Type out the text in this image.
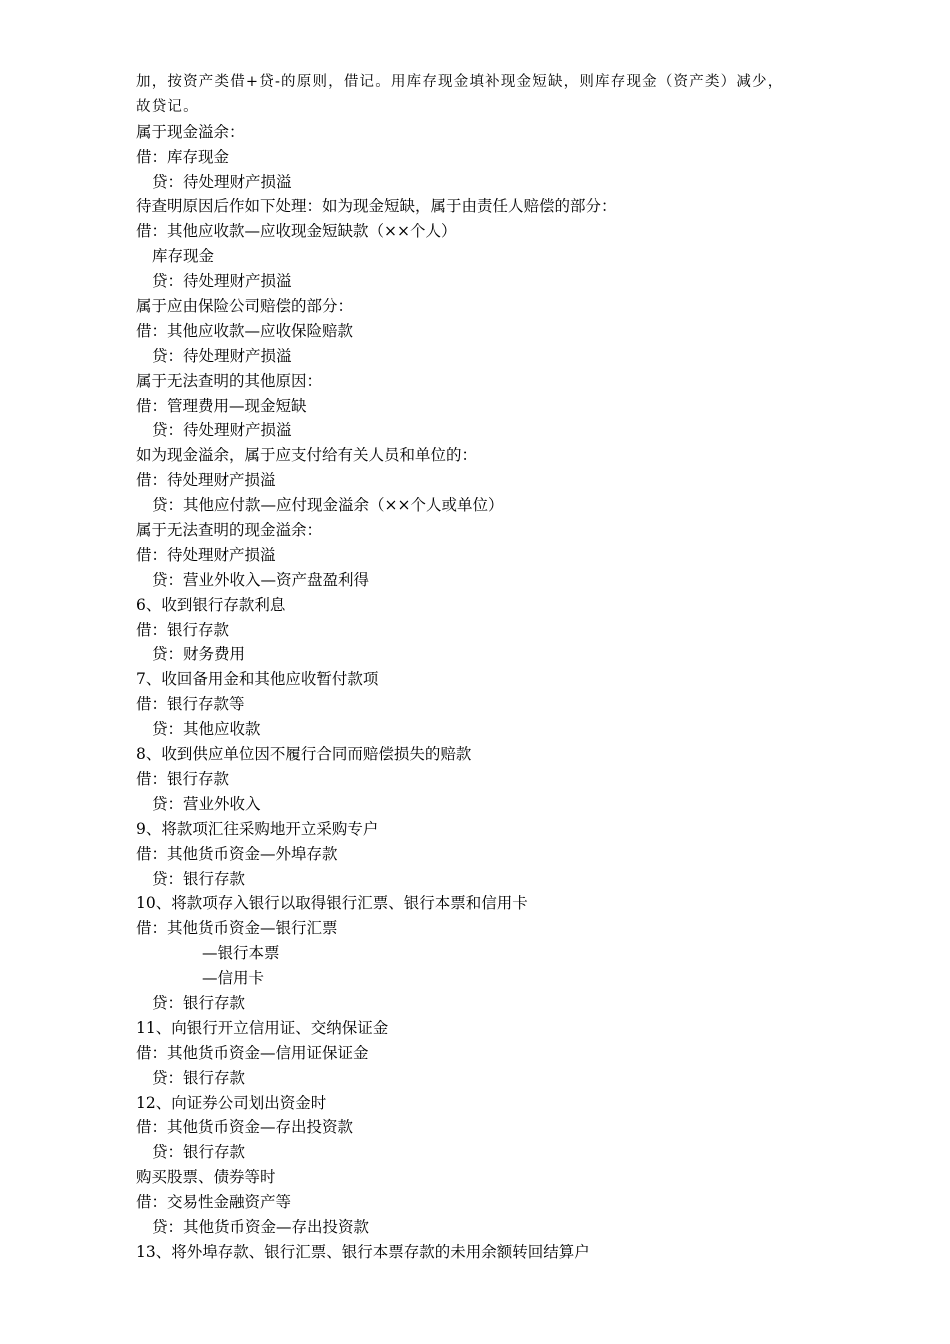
加，按资产类借+贷-的原则，借记。用库存现金填补现金短缺，则库存现金（资产类）减少，
故贷记。
属于现金溢余：
借：库存现金
贷：待处理财产损溢
待查明原因后作如下处理：如为现金短缺，属于由责任人赔偿的部分：
借：其他应收款—应收现金短缺款（××个人）
库存现金
贷：待处理财产损溢
属于应由保险公司赔偿的部分：
借：其他应收款—应收保险赔款
贷：待处理财产损溢
属于无法查明的其他原因：
借：管理费用—现金短缺
贷：待处理财产损溢
如为现金溢余，属于应支付给有关人员和单位的：
借：待处理财产损溢
贷：其他应付款—应付现金溢余（××个人或单位）
属于无法查明的现金溢余：
借：待处理财产损溢
贷：营业外收入—资产盘盈利得
6、收到银行存款利息
借：银行存款
贷：财务费用
7、收回备用金和其他应收暂付款项
借：银行存款等
贷：其他应收款
8、收到供应单位因不履行合同而赔偿损失的赔款
借：银行存款
贷：营业外收入
9、将款项汇往采购地开立采购专户
借：其他货币资金—外埠存款
贷：银行存款
10、将款项存入银行以取得银行汇票、银行本票和信用卡
借：其他货币资金—银行汇票
—银行本票
—信用卡
贷：银行存款
11、向银行开立信用证、交纳保证金
借：其他货币资金—信用证保证金
贷：银行存款
12、向证券公司划出资金时
借：其他货币资金—存出投资款
贷：银行存款
购买股票、债券等时
借：交易性金融资产等
贷：其他货币资金—存出投资款
13、将外埠存款、银行汇票、银行本票存款的未用余额转回结算户
